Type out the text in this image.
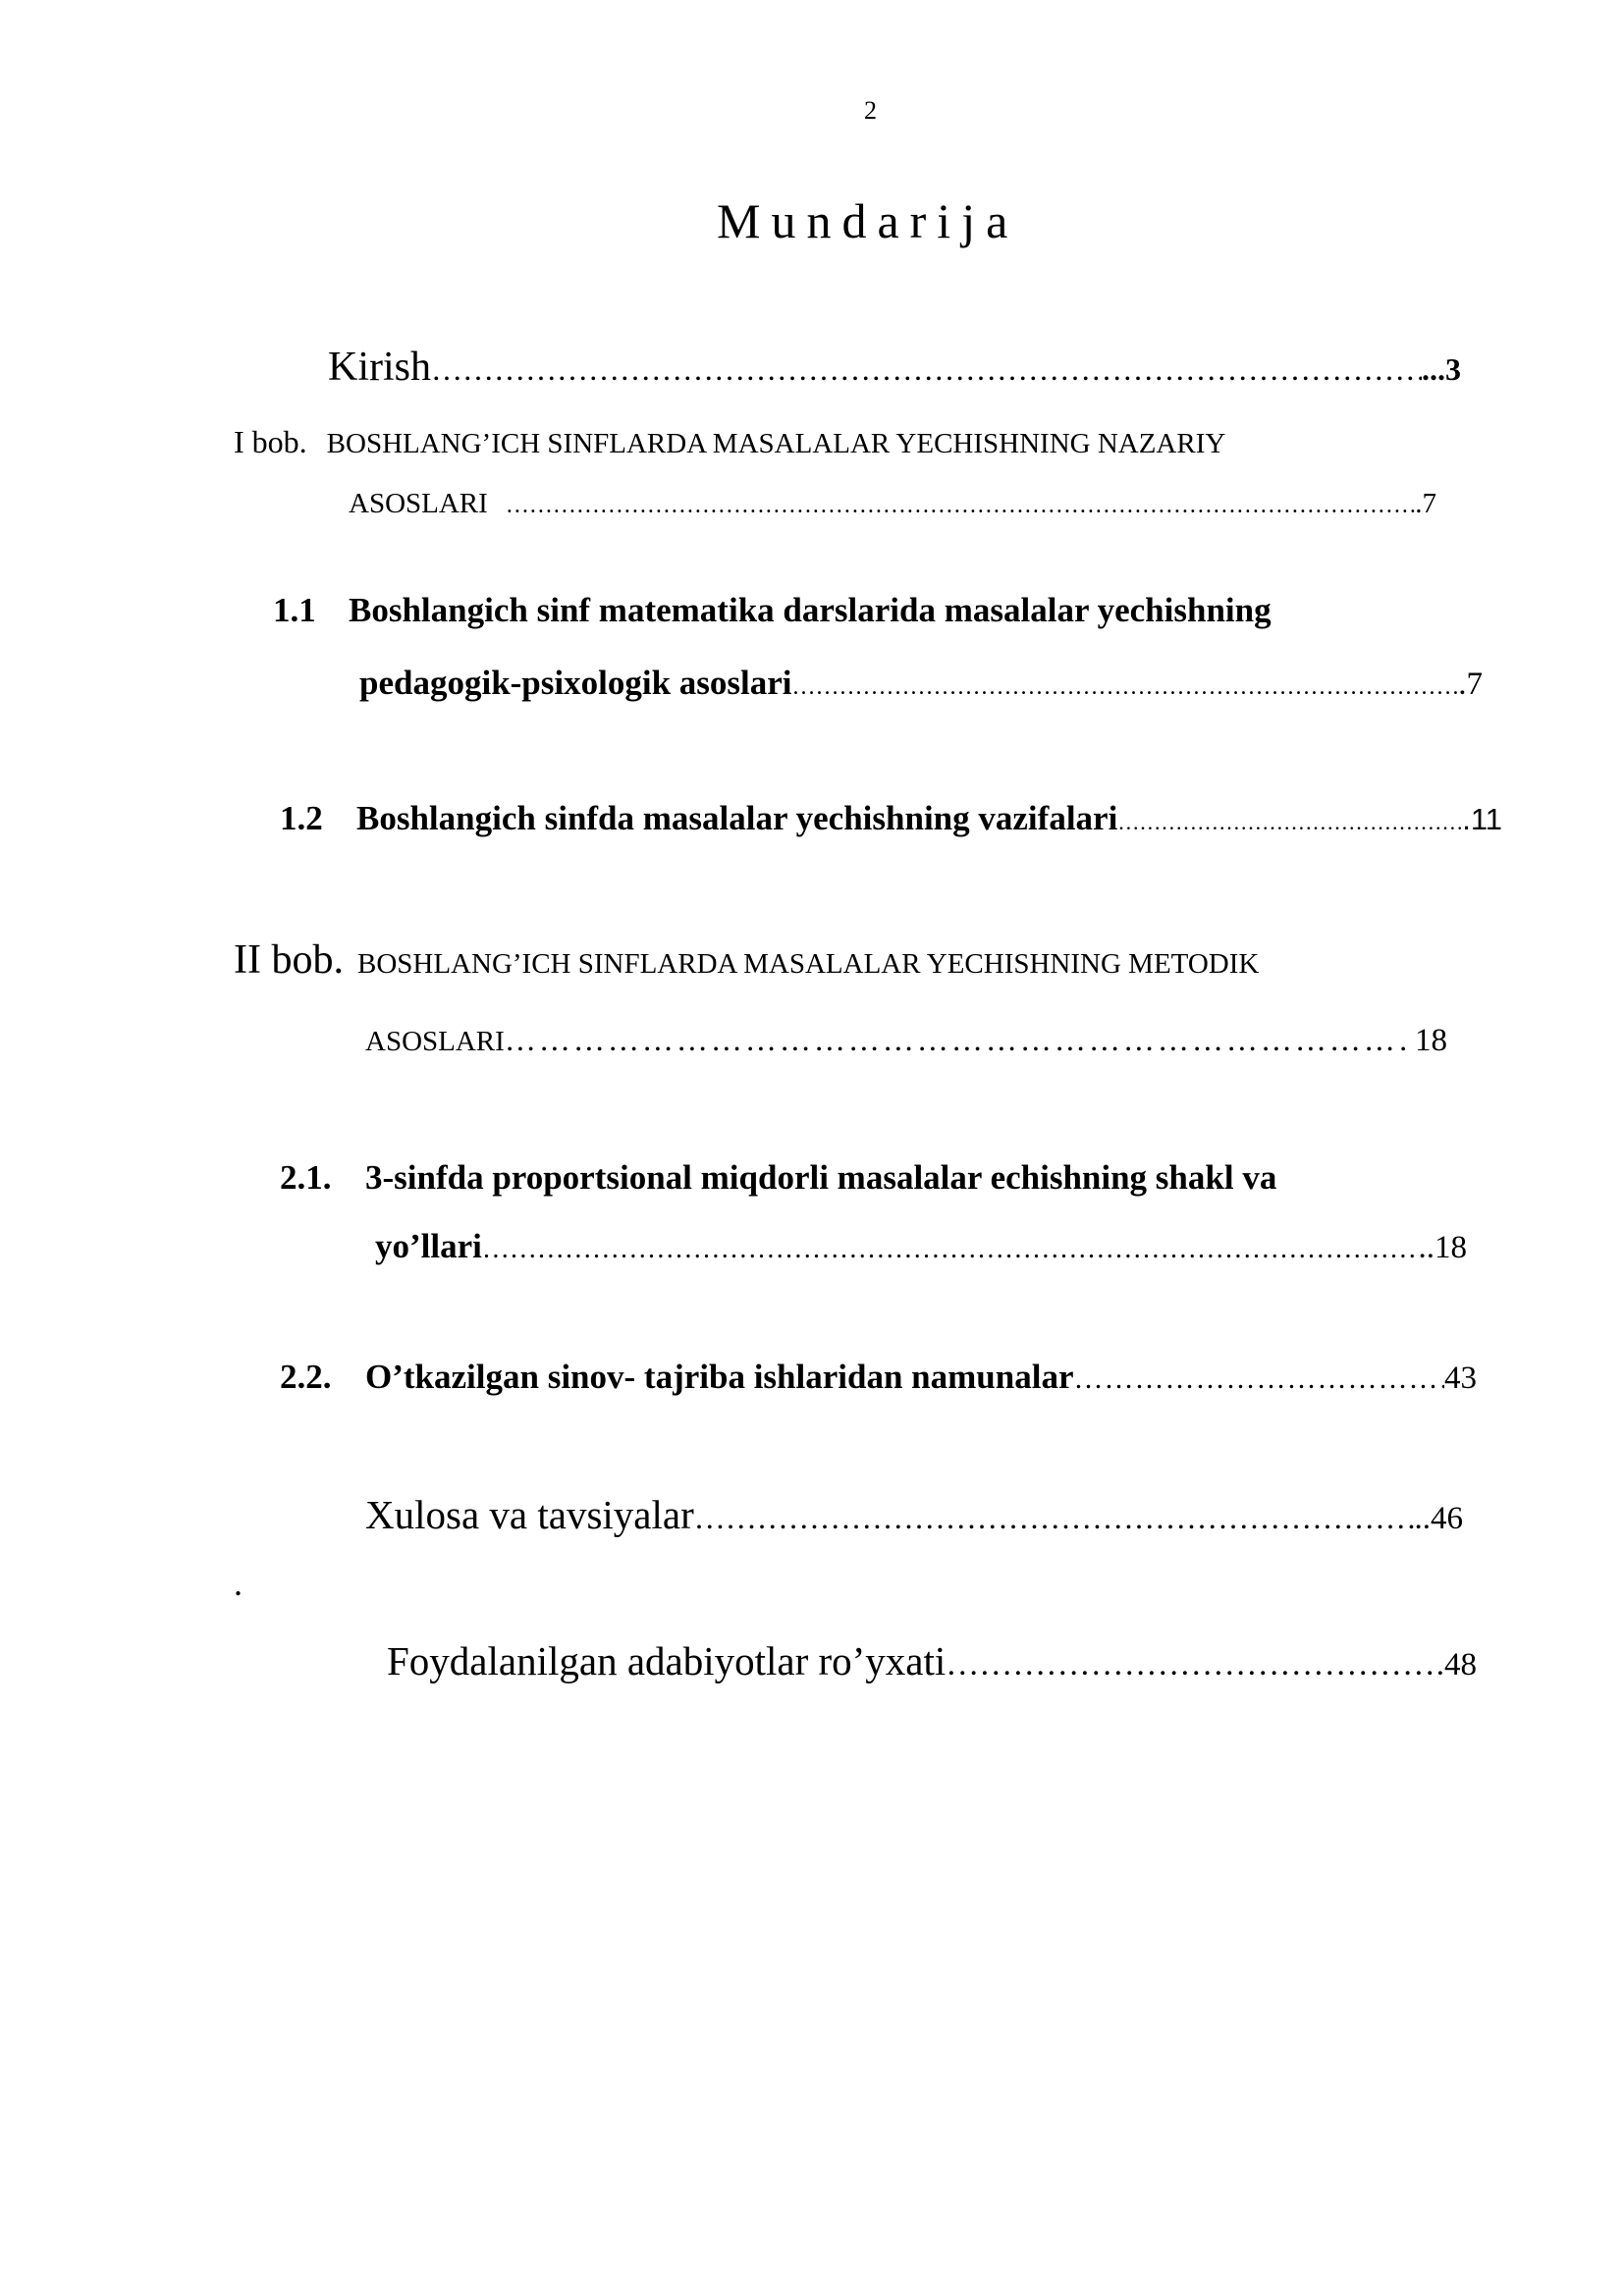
2
Mundarija
Kirish …………………………………………………………………………………………………………………………………………………………………………………………	...3
I bob. BOSHLANG’ICH SINFLARDA MASALALAR YECHISHNING NAZARIY
ASOSLARI …………………………………………………………………………………………………………………………………………………………………………………………	.7
1.1 Boshlangich sinf matematika darslarida masalalar yechishning
pedagogik-psixologik asoslari …………………………………………………………………………………………………………………………………………………………………………………………	.7
1.2 Boshlangich sinfda masalalar yechishning vazifalari …………………………………………………………………………………………………………………………………………………………………………………………	.11
II bob. BOSHLANG’ICH SINFLARDA MASALALAR YECHISHNING METODIK
ASOSLARI …………………………………………………………………………………………………………………………………………………………………………………………	18
2.1. 3-sinfda proportsional miqdorli masalalar echishning shakl va
yo’llari …………………………………………………………………………………………………………………………………………………………………………………………	..18
2.2. O’tkazilgan sinov- tajriba ishlaridan namunalar …………………………………………………………………………………………………………………………………………………………………………………………	43
Xulosa va tavsiyalar …………………………………………………………………………………………………………………………………………………………………………………………	..46
.
Foydalanilgan adabiyotlar ro’yxati …………………………………………………………………………………………………………………………………………………………………………………………	.48
